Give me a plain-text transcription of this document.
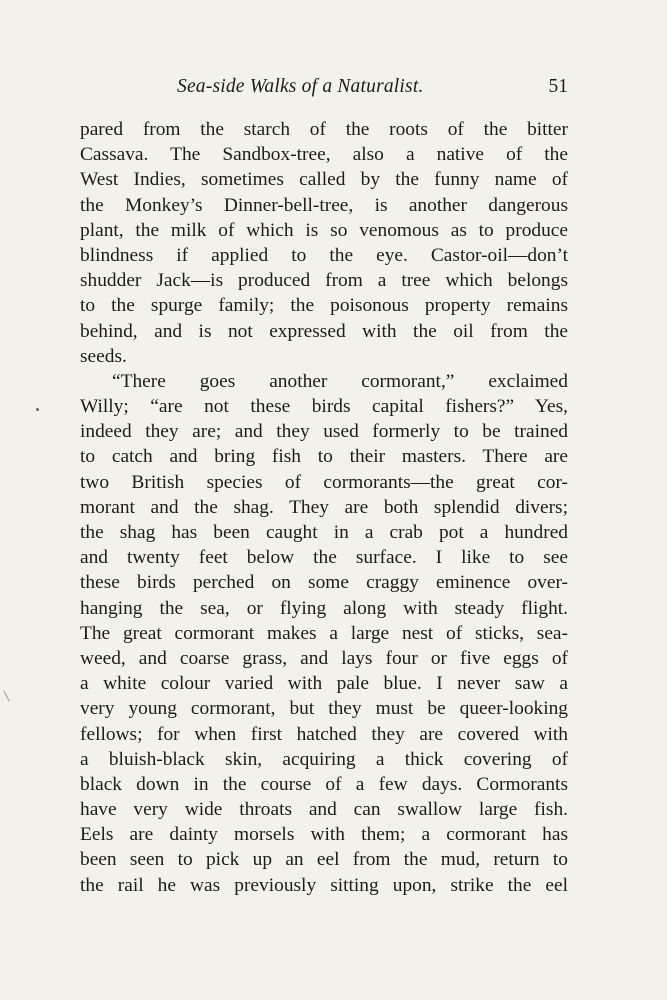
Sea-side Walks of a Naturalist.	51
pared from the starch of the roots of the bitter
Cassava. The Sandbox-tree, also a native of the
West Indies, sometimes called by the funny name of
the Monkey’s Dinner-bell-tree, is another dangerous
plant, the milk of which is so venomous as to produce
blindness if applied to the eye. Castor-oil—don’t
shudder Jack—is produced from a tree which belongs
to the spurge family; the poisonous property remains
behind, and is not expressed with the oil from the
seeds.
“There goes another cormorant,” exclaimed
Willy; “are not these birds capital fishers?” Yes,
indeed they are; and they used formerly to be trained
to catch and bring fish to their masters. There are
two British species of cormorants—the great cor-
morant and the shag. They are both splendid divers;
the shag has been caught in a crab pot a hundred
and twenty feet below the surface. I like to see
these birds perched on some craggy eminence over-
hanging the sea, or flying along with steady flight.
The great cormorant makes a large nest of sticks, sea-
weed, and coarse grass, and lays four or five eggs of
a white colour varied with pale blue. I never saw a
very young cormorant, but they must be queer-looking
fellows; for when first hatched they are covered with
a bluish-black skin, acquiring a thick covering of
black down in the course of a few days. Cormorants
have very wide throats and can swallow large fish.
Eels are dainty morsels with them; a cormorant has
been seen to pick up an eel from the mud, return to
the rail he was previously sitting upon, strike the eel
